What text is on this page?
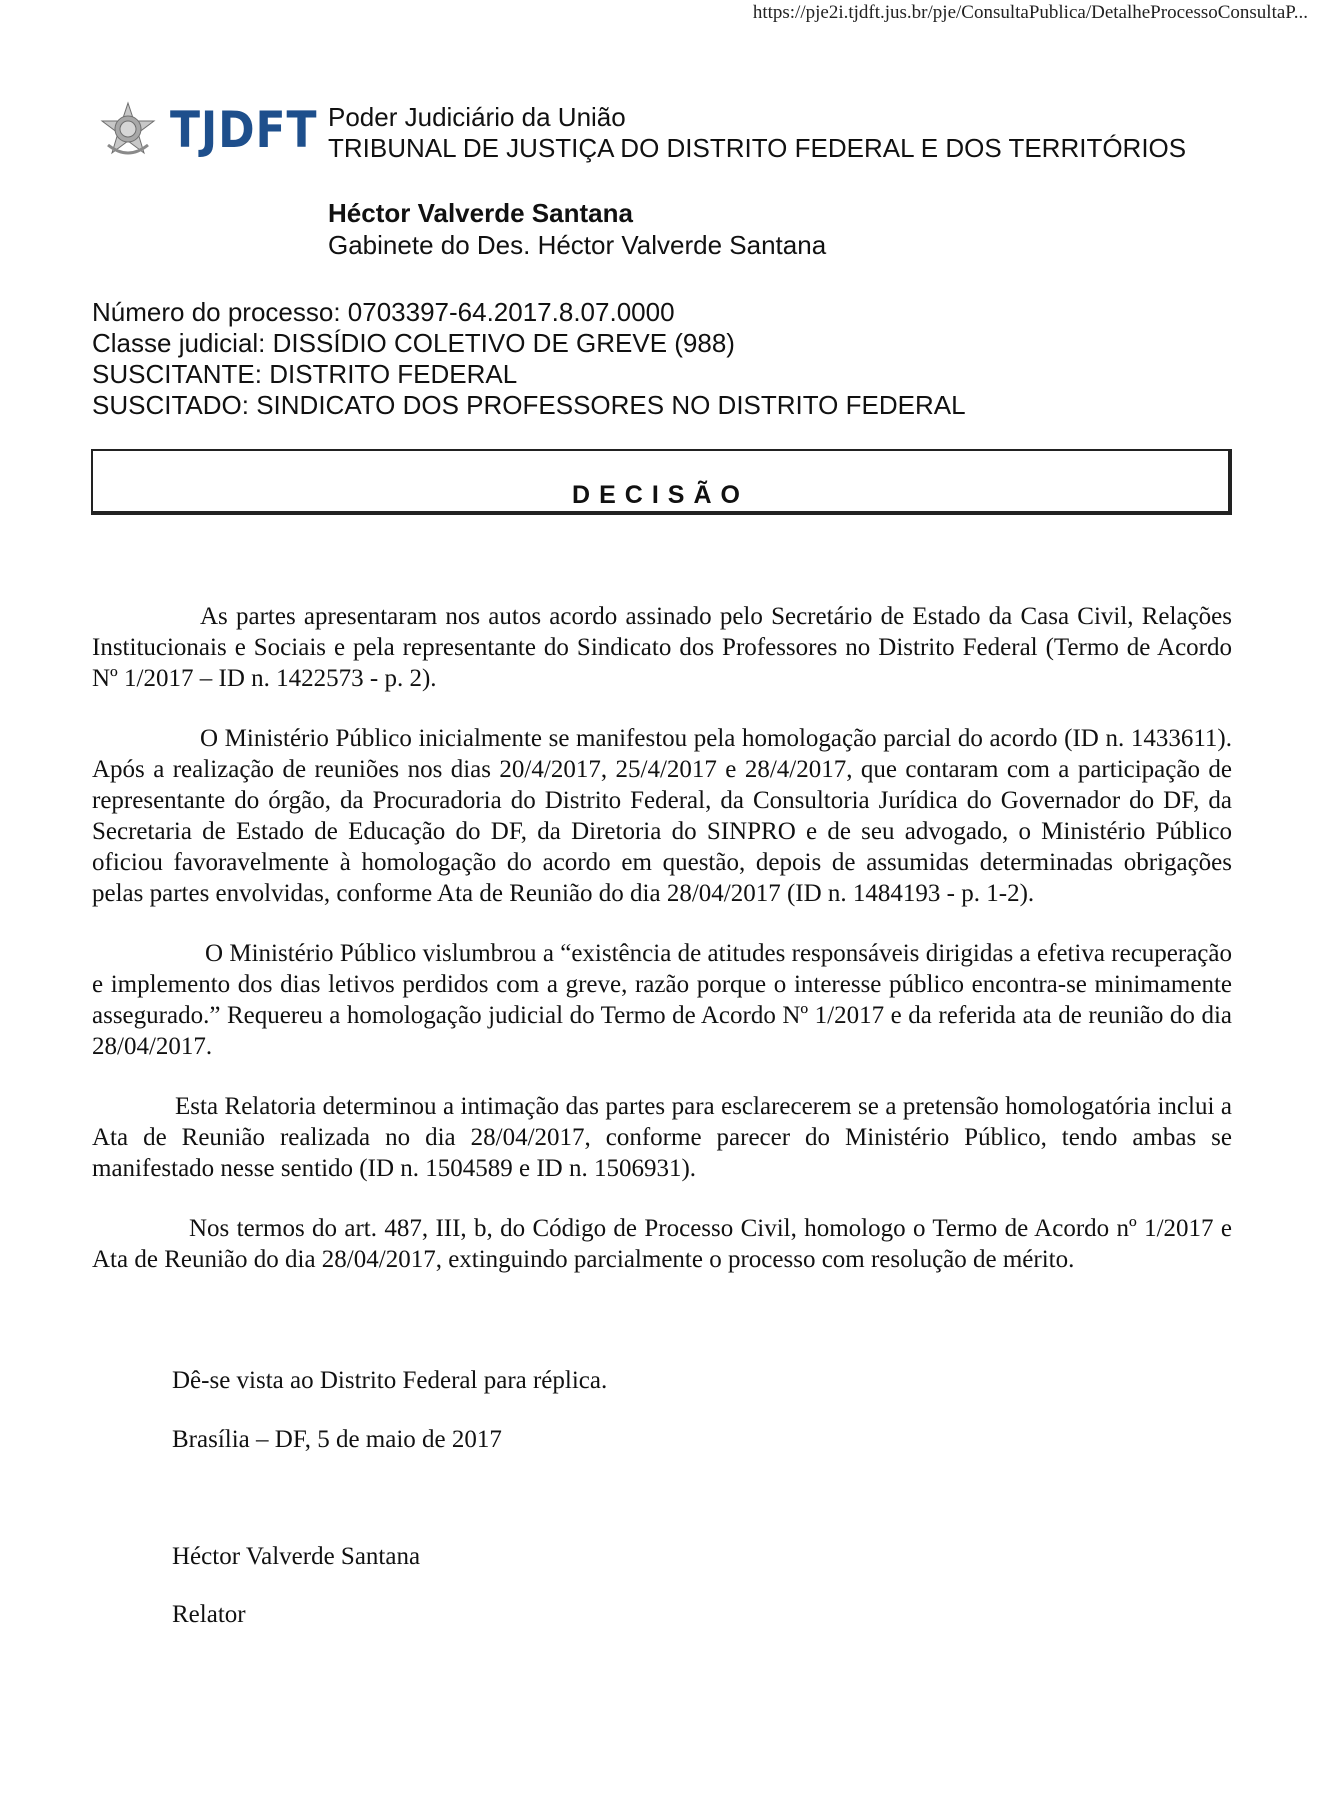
https://pje2i.tjdft.jus.br/pje/ConsultaPublica/DetalheProcessoConsultaP...
TJDFT Poder Judiciário da União
TRIBUNAL DE JUSTIÇA DO DISTRITO FEDERAL E DOS TERRITÓRIOS
Héctor Valverde Santana
Gabinete do Des. Héctor Valverde Santana
Número do processo: 0703397-64.2017.8.07.0000
Classe judicial: DISSÍDIO COLETIVO DE GREVE (988)
SUSCITANTE: DISTRITO FEDERAL
SUSCITADO: SINDICATO DOS PROFESSORES NO DISTRITO FEDERAL
DECISÃO

As partes apresentaram nos autos acordo assinado pelo Secretário de Estado da Casa Civil, Relações Institucionais e Sociais e pela representante do Sindicato dos Professores no Distrito Federal (Termo de Acordo Nº 1/2017 – ID n. 1422573 - p. 2).

O Ministério Público inicialmente se manifestou pela homologação parcial do acordo (ID n. 1433611). Após a realização de reuniões nos dias 20/4/2017, 25/4/2017 e 28/4/2017, que contaram com a participação de representante do órgão, da Procuradoria do Distrito Federal, da Consultoria Jurídica do Governador do DF, da Secretaria de Estado de Educação do DF, da Diretoria do SINPRO e de seu advogado, o Ministério Público oficiou favoravelmente à homologação do acordo em questão, depois de assumidas determinadas obrigações pelas partes envolvidas, conforme Ata de Reunião do dia 28/04/2017 (ID n. 1484193 - p. 1-2).

O Ministério Público vislumbrou a “existência de atitudes responsáveis dirigidas a efetiva recuperação e implemento dos dias letivos perdidos com a greve, razão porque o interesse público encontra-se minimamente assegurado.” Requereu a homologação judicial do Termo de Acordo Nº 1/2017 e da referida ata de reunião do dia 28/04/2017.

Esta Relatoria determinou a intimação das partes para esclarecerem se a pretensão homologatória inclui a Ata de Reunião realizada no dia 28/04/2017, conforme parecer do Ministério Público, tendo ambas se manifestado nesse sentido (ID n. 1504589 e ID n. 1506931).

Nos termos do art. 487, III, b, do Código de Processo Civil, homologo o Termo de Acordo nº 1/2017 e Ata de Reunião do dia 28/04/2017, extinguindo parcialmente o processo com resolução de mérito.

Dê-se vista ao Distrito Federal para réplica.
Brasília – DF, 5 de maio de 2017
Héctor Valverde Santana
Relator
